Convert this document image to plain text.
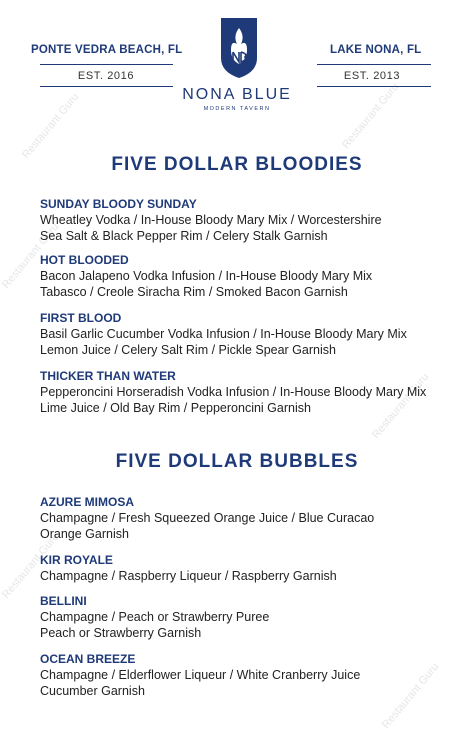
Restaurant Guru	Restaurant Guru
Restaurant Guru
Restaurant Guru
Restaurant Guru
Restaurant Guru
PONTE VEDRA BEACH, FL
EST. 2016
LAKE NONA, FL
EST. 2013
NONA BLUE
MODERN TAVERN
FIVE DOLLAR BLOODIES
SUNDAY BLOODY SUNDAY
Wheatley Vodka / In-House Bloody Mary Mix / Worcestershire
Sea Salt & Black Pepper Rim / Celery Stalk Garnish
HOT BLOODED
Bacon Jalapeno Vodka Infusion / In-House Bloody Mary Mix
Tabasco / Creole Siracha Rim / Smoked Bacon Garnish
FIRST BLOOD
Basil Garlic Cucumber Vodka Infusion / In-House Bloody Mary Mix
Lemon Juice / Celery Salt Rim / Pickle Spear Garnish
THICKER THAN WATER
Pepperoncini Horseradish Vodka Infusion / In-House Bloody Mary Mix
Lime Juice / Old Bay Rim / Pepperoncini Garnish
FIVE DOLLAR BUBBLES
AZURE MIMOSA
Champagne / Fresh Squeezed Orange Juice / Blue Curacao
Orange Garnish
KIR ROYALE
Champagne / Raspberry Liqueur / Raspberry Garnish
BELLINI
Champagne / Peach or Strawberry Puree
Peach or Strawberry Garnish
OCEAN BREEZE
Champagne / Elderflower Liqueur / White Cranberry Juice
Cucumber Garnish
